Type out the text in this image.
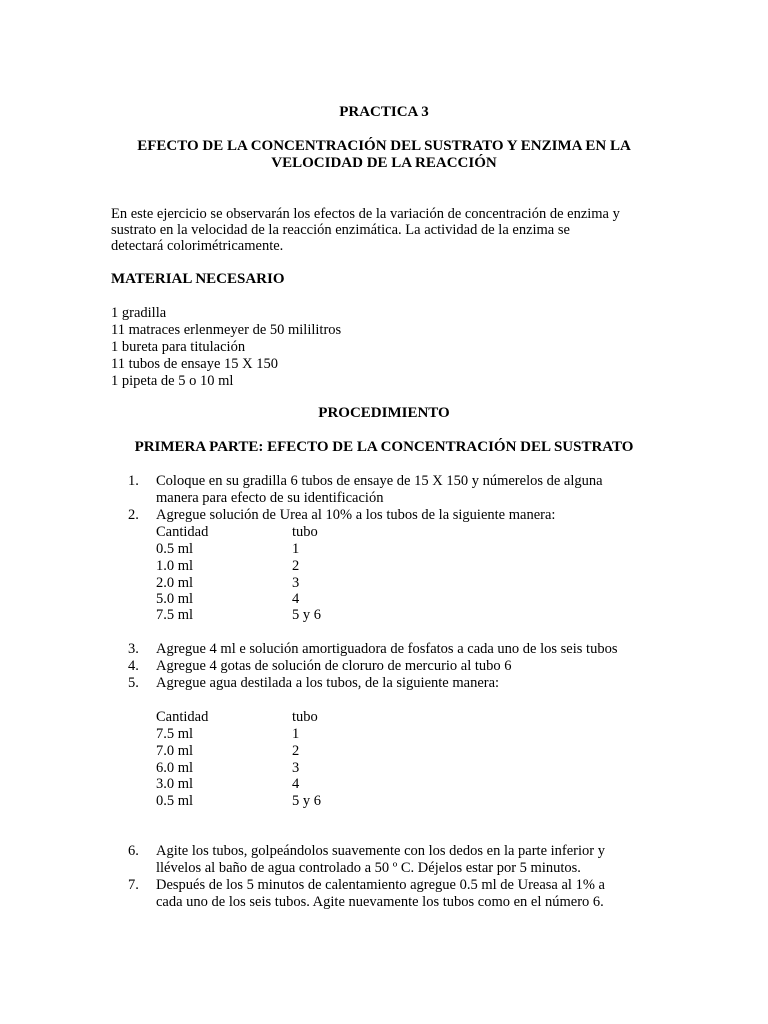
PRACTICA 3
EFECTO DE LA CONCENTRACIÓN DEL SUSTRATO Y ENZIMA EN LA
VELOCIDAD DE LA REACCIÓN
En este ejercicio se observarán los efectos de la variación de concentración de enzima y
sustrato en la velocidad de la reacción enzimática. La actividad de la enzima se
detectará colorimétricamente.
MATERIAL NECESARIO
1 gradilla
11 matraces erlenmeyer de 50 mililitros
1 bureta para titulación
11 tubos de ensaye 15 X 150
1 pipeta de 5 o 10 ml
PROCEDIMIENTO
PRIMERA PARTE: EFECTO DE LA CONCENTRACIÓN DEL SUSTRATO
1.	Coloque en su gradilla 6 tubos de ensaye de 15 X 150 y númerelos de alguna
manera para efecto de su identificación
2.	Agregue solución de Urea al 10% a los tubos de la siguiente manera:
Cantidad	tubo
0.5 ml	1
1.0 ml	2
2.0 ml	3
5.0 ml	4
7.5 ml	5 y 6
3.	Agregue 4 ml e solución amortiguadora de fosfatos a cada uno de los seis tubos
4.	Agregue 4 gotas de solución de cloruro de mercurio al tubo 6
5.	Agregue agua destilada a los tubos, de la siguiente manera:
Cantidad	tubo
7.5 ml	1
7.0 ml	2
6.0 ml	3
3.0 ml	4
0.5 ml	5 y 6
6.	Agite los tubos, golpeándolos suavemente con los dedos en la parte inferior y
llévelos al baño de agua controlado a 50 º C. Déjelos estar por 5 minutos.
7.	Después de los 5 minutos de calentamiento agregue 0.5 ml de Ureasa al 1% a
cada uno de los seis tubos. Agite nuevamente los tubos como en el número 6.
